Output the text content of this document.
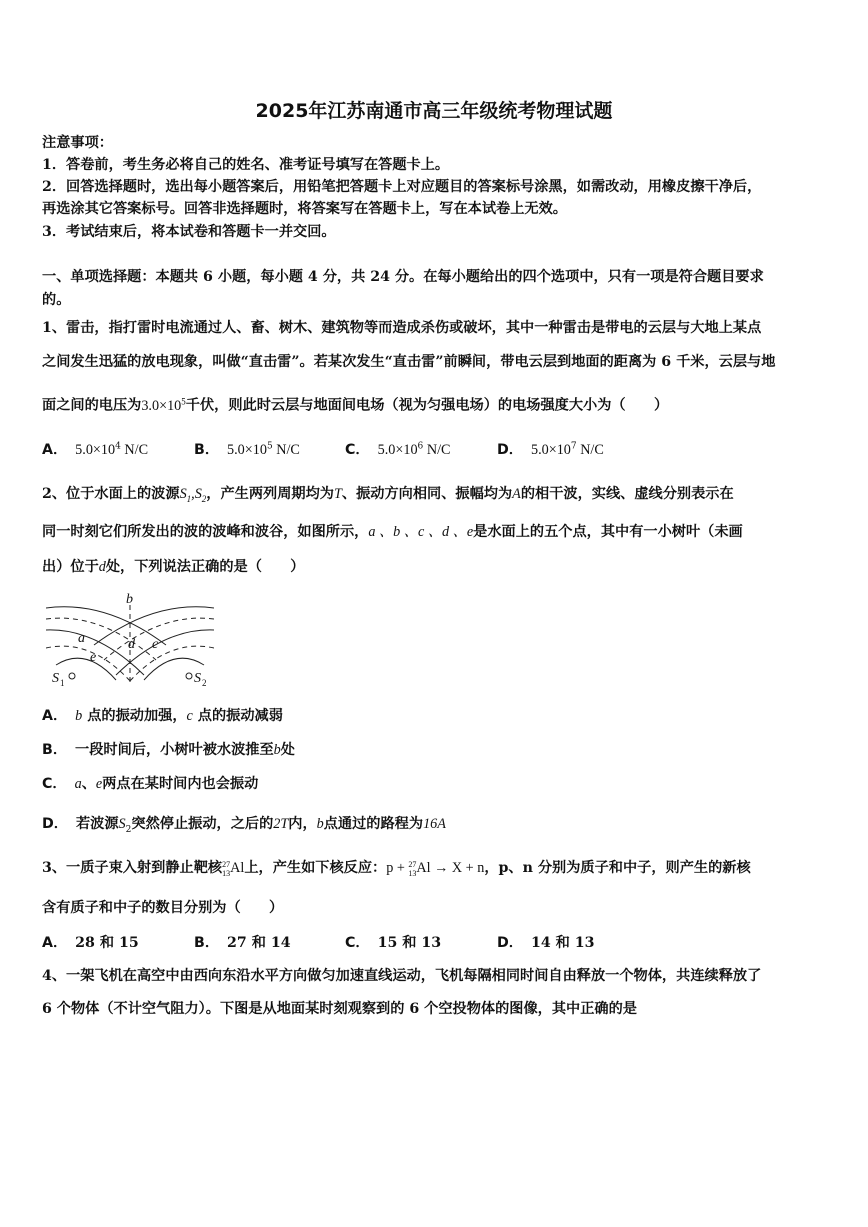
2025年江苏南通市高三年级统考物理试题
注意事项：
1．答卷前，考生务必将自己的姓名、准考证号填写在答题卡上。
2．回答选择题时，选出每小题答案后，用铅笔把答题卡上对应题目的答案标号涂黑，如需改动，用橡皮擦干净后，
再选涂其它答案标号。回答非选择题时，将答案写在答题卡上，写在本试卷上无效。
3．考试结束后，将本试卷和答题卡一并交回。
一、单项选择题：本题共 6 小题，每小题 4 分，共 24 分。在每小题给出的四个选项中，只有一项是符合题目要求
的。
1、雷击，指打雷时电流通过人、畜、树木、建筑物等而造成杀伤或破坏，其中一种雷击是带电的云层与大地上某点
之间发生迅猛的放电现象，叫做“直击雷”。若某次发生“直击雷”前瞬间，带电云层到地面的距离为 6 千米，云层与地
面之间的电压为$3.0\times 10^5$千伏，则此时云层与地面间电场（视为匀强电场）的电场强度大小为（　　）
A． $5.0\times 10^4$ N/C	B． $5.0\times 10^5$ N/C	C． $5.0\times 10^6$ N/C	D． $5.0\times 10^7$ N/C
2、位于水面上的波源$S_1,S_2$，产生两列周期均为T、振动方向相同、振幅均为A的相干波，实线、虚线分别表示在
同一时刻它们所发出的波的波峰和波谷，如图所示，a 、b 、c 、d 、e是水面上的五个点，其中有一小树叶（未画
出）位于d处，下列说法正确的是（　　）
b
a	d c
e
S 1	S 2
A． b 点的振动加强，c 点的振动减弱
B． 一段时间后，小树叶被水波推至b处
C． a、e两点在某时间内也会振动
D． 若波源$S_2$突然停止振动，之后的2T内，b点通过的路程为16A
3、一质子束入射到静止靶核27
13Al上，产生如下核反应：p + 27
13Al → X + n，p、n 分别为质子和中子，则产生的新核
含有质子和中子的数目分别为（　　）
A． 28 和 15	B． 27 和 14	C． 15 和 13	D． 14 和 13
4、一架飞机在高空中由西向东沿水平方向做匀加速直线运动，飞机每隔相同时间自由释放一个物体，共连续释放了
6 个物体（不计空气阻力）。下图是从地面某时刻观察到的 6 个空投物体的图像，其中正确的是
